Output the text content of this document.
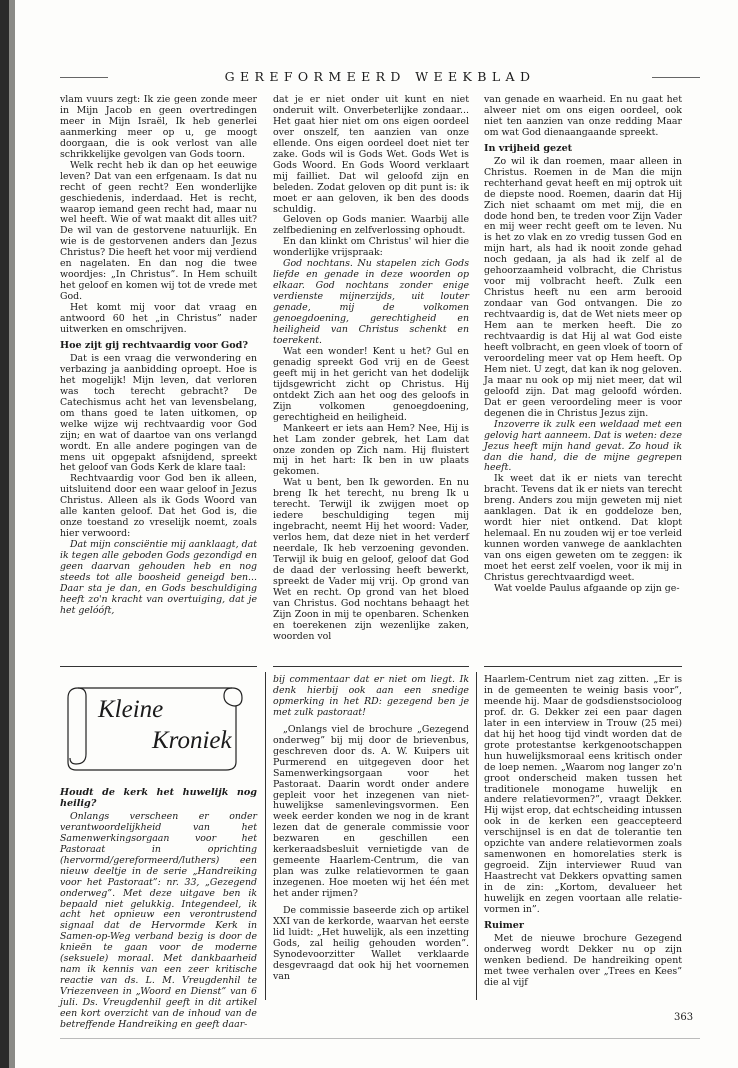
GEREFORMEERD WEEKBLAD

vlam vuurs zegt: Ik zie geen zonde meer in Mijn Jacob en geen overtredingen meer in Mijn Israël, Ik heb generlei aanmerking meer op u, ge moogt doorgaan, die is ook verlost van alle schrikkelijke gevolgen van Gods toorn.

Welk recht heb ik dan op het eeuwige leven? Dat van een erfgenaam. Is dat nu recht of geen recht? Een wonderlijke geschiedenis, inderdaad. Het is recht, waarop iemand geen recht had, maar nu wel heeft. Wie of wat maakt dit alles uit? De wil van de gestorvene natuurlijk. En wie is de gestorvenen anders dan Jezus Christus? Die heeft het voor mij verdiend en nagelaten. En dan nog die twee woordjes: „In Christus”. In Hem schuilt het geloof en komen wij tot de vrede met God.

Het komt mij voor dat vraag en antwoord 60 het „in Christus” nader uitwerken en omschrijven.

Hoe zijt gij rechtvaardig voor God?

Dat is een vraag die verwondering en verbazing ja aanbidding oproept. Hoe is het mogelijk! Mijn leven, dat verloren was toch terecht gebracht? De Catechismus acht het van levensbelang, om thans goed te laten uitkomen, op welke wijze wij rechtvaardig voor God zijn; en wat of daartoe van ons verlangd wordt. En alle andere pogingen van de mens uit opgepakt afsnijdend, spreekt het geloof van Gods Kerk de klare taal:

Rechtvaardig voor God ben ik alleen, uitsluitend door een waar geloof in Jezus Christus. Alleen als ik Gods Woord van alle kanten geloof. Dat het God is, die onze toestand zo vreselijk noemt, zoals hier verwoord:

Dat mijn consciëntie mij aanklaagt, dat ik tegen alle geboden Gods gezondigd en geen daarvan gehouden heb en nog steeds tot alle boosheid geneigd ben... Daar sta je dan, en Gods beschuldiging heeft zo'n kracht van overtuiging, dat je het gelóóft,

dat je er niet onder uit kunt en niet onderuit wilt. Onverbeterlijke zondaar... Het gaat hier niet om ons eigen oordeel over onszelf, ten aanzien van onze ellende. Ons eigen oordeel doet niet ter zake. Gods wil is Gods Wet. Gods Wet is Gods Woord. En Gods Woord verklaart mij failliet. Dat wil geloofd zijn en beleden. Zodat geloven op dit punt is: ik moet er aan geloven, ik ben des doods schuldig.

Geloven op Gods manier. Waarbij alle zelfbediening en zelfverlossing ophoudt.

En dan klinkt om Christus' wil hier die wonderlijke vrijspraak:

God nochtans. Nu stapelen zich Gods liefde en genade in deze woorden op elkaar. God nochtans zonder enige verdienste mijnerzijds, uit louter genade, mij de volkomen genoegdoening, gerechtigheid en heiligheid van Christus schenkt en toerekent.

Wat een wonder! Kent u het? Gul en genadig spreekt God vrij en de Geest geeft mij in het gericht van het dodelijk tijdsgewricht zicht op Christus. Hij ontdekt Zich aan het oog des geloofs in Zijn volkomen genoegdoening, gerechtigheid en heiligheid.

Mankeert er iets aan Hem? Nee, Hij is het Lam zonder gebrek, het Lam dat onze zonden op Zich nam. Hij fluistert mij in het hart: Ik ben in uw plaats gekomen.

Wat u bent, ben Ik geworden. En nu breng Ik het terecht, nu breng Ik u terecht. Terwijl ik zwijgen moet op iedere beschuldiging tegen mij ingebracht, neemt Hij het woord: Vader, verlos hem, dat deze niet in het verderf neerdale, Ik heb verzoening gevonden. Terwijl ik buig en geloof, geloof dat God de daad der verlossing heeft bewerkt, spreekt de Vader mij vrij. Op grond van Wet en recht. Op grond van het bloed van Christus. God nochtans behaagt het Zijn Zoon in mij te openbaren. Schenken en toerekenen zijn wezenlijke zaken, woorden vol

van genade en waarheid. En nu gaat het alweer niet om ons eigen oordeel, ook niet ten aanzien van onze redding Maar om wat God dienaangaande spreekt.

In vrijheid gezet

Zo wil ik dan roemen, maar alleen in Christus. Roemen in de Man die mijn rechterhand gevat heeft en mij optrok uit de diepste nood. Roemen, daarin dat Hij Zich niet schaamt om met mij, die en dode hond ben, te treden voor Zijn Vader en mij weer recht geeft om te leven. Nu is het zo vlak en zo vredig tussen God en mijn hart, als had ik nooit zonde gehad noch gedaan, ja als had ik zelf al de gehoorzaamheid volbracht, die Christus voor mij volbracht heeft. Zulk een Christus heeft nu een arm berooid zondaar van God ontvangen. Die zo rechtvaardig is, dat de Wet niets meer op Hem aan te merken heeft. Die zo rechtvaardig is dat Hij al wat God eiste heeft volbracht, en geen vloek of toorn of veroordeling meer vat op Hem heeft. Op Hem niet. U zegt, dat kan ik nog geloven. Ja maar nu ook op mij niet meer, dat wil geloofd zijn. Dat mag geloofd wórden. Dat er geen veroordeling meer is voor degenen die in Christus Jezus zijn.

Inzoverre ik zulk een weldaad met een gelovig hart aanneem. Dat is weten: deze Jezus heeft mijn hand gevat. Zo houd ik dan die hand, die de mijne gegrepen heeft.

Ik weet dat ik er niets van terecht bracht. Tevens dat ik er niets van terecht breng. Anders zou mijn geweten mij niet aanklagen. Dat ik en goddeloze ben, wordt hier niet ontkend. Dat klopt helemaal. En nu zouden wij er toe verleid kunnen worden vanwege de aanklachten van ons eigen geweten om te zeggen: ik moet het eerst zelf voelen, voor ik mij in Christus gerechtvaardigd weet.

Wat voelde Paulus afgaande op zijn ge-

Kleine
Kroniek
Houdt de kerk het huwelijk nog heilig?

Onlangs verscheen er onder verantwoordelijkheid van het Samenwerkingsorgaan voor het Pastoraat in oprichting (hervormd/gereformeerd/luthers) een nieuw deeltje in de serie „Handreiking voor het Pastoraat”: nr. 33, „Gezegend onderweg”. Met deze uitgave ben ik bepaald niet gelukkig. Integendeel, ik acht het opnieuw een verontrustend signaal dat de Hervormde Kerk in Samen-op-Weg verband bezig is door de knieën te gaan voor de moderne (seksuele) moraal. Met dankbaarheid nam ik kennis van een zeer kritische reactie van ds. L. M. Vreugdenhil te Vriezenveen in „Woord en Dienst” van 6 juli. Ds. Vreugdenhil geeft in dit artikel een kort overzicht van de inhoud van de betreffende Handreiking en geeft daar-

bij commentaar dat er niet om liegt. Ik denk hierbij ook aan een snedige opmerking in het RD: gezegend ben je met zulk pastoraat!

„Onlangs viel de brochure „Gezegend onderweg” bij mij door de brievenbus, geschreven door ds. A. W. Kuipers uit Purmerend en uitgegeven door het Samenwerkingsorgaan voor het Pastoraat. Daarin wordt onder andere gepleit voor het inzegenen van niet-huwelijkse samenlevingsvormen. Een week eerder konden we nog in de krant lezen dat de generale commissie voor bezwaren en geschillen een kerkeraadsbesluit vernietigde van de gemeente Haarlem-Centrum, die van plan was zulke relatievormen te gaan inzegenen. Hoe moeten wij het één met het ander rijmen?

De commissie baseerde zich op artikel XXI van de kerkorde, waarvan het eerste lid luidt: „Het huwelijk, als een inzetting Gods, zal heilig gehouden worden”. Synodevoorzitter Wallet verklaarde desgevraagd dat ook hij het voornemen van

Haarlem-Centrum niet zag zitten. „Er is in de gemeenten te weinig basis voor”, meende hij. Maar de godsdienstsocioloog prof. dr. G. Dekker zei een paar dagen later in een interview in Trouw (25 mei) dat hij het hoog tijd vindt worden dat de grote protestantse kerkgenootschappen hun huwelijksmoraal eens kritisch onder de loep nemen. „Waarom nog langer zo'n groot onderscheid maken tussen het traditionele monogame huwelijk en andere relatievormen?”, vraagt Dekker. Hij wijst erop, dat echtscheiding intussen ook in de kerken een geaccepteerd verschijnsel is en dat de tolerantie ten opzichte van andere relatievormen zoals samenwonen en homorelaties sterk is gegroeid. Zijn interviewer Ruud van Haastrecht vat Dekkers opvatting samen in de zin: „Kortom, devalueer het huwelijk en zegen voortaan alle relatie-vormen in”.

Ruimer

Met de nieuwe brochure Gezegend onderweg wordt Dekker nu op zijn wenken bediend. De handreiking opent met twee verhalen over „Trees en Kees” die al vijf

363
